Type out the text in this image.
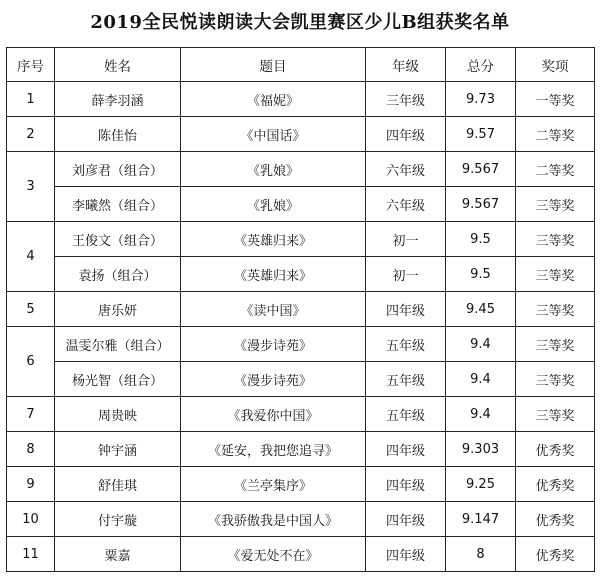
2019全民悦读朗读大会凯里赛区少儿B组获奖名单
序号	姓名	题目	年级	总分	奖项
1	薛李羽涵	《福妮》	三年级	9.73	一等奖
2	陈佳怡	《中国话》	四年级	9.57	二等奖
3	刘彦君（组合）	《乳娘》	六年级	9.567	二等奖
	李曦然（组合）	《乳娘》	六年级	9.567	三等奖
4	王俊文（组合）	《英雄归来》	初一	9.5	三等奖
	袁扬（组合）	《英雄归来》	初一	9.5	三等奖
5	唐乐妍	《读中国》	四年级	9.45	三等奖
6	温雯尔雅（组合）	《漫步诗苑》	五年级	9.4	三等奖
	杨光智（组合）	《漫步诗苑》	五年级	9.4	三等奖
7	周贵映	《我爱你中国》	五年级	9.4	三等奖
8	钟宇涵	《延安，我把您追寻》	四年级	9.303	优秀奖
9	舒佳琪	《兰亭集序》	四年级	9.25	优秀奖
10	付宇璇	《我骄傲我是中国人》	四年级	9.147	优秀奖
11	粟嘉	《爱无处不在》	四年级	8	优秀奖
